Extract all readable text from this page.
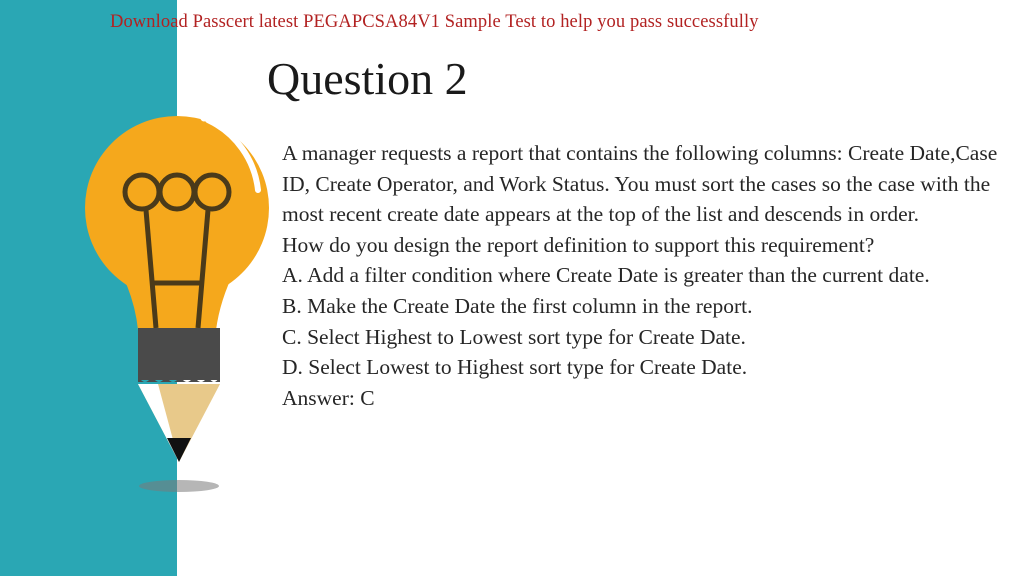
Download Passcert latest PEGAPCSA84V1 Sample Test to help you pass successfully
Question 2

A manager requests a report that contains the following columns: Create Date,Case ID, Create Operator, and Work Status. You must sort the cases so the case with the most recent create date appears at the top of the list and descends in order.

How do you design the report definition to support this requirement?

A. Add a filter condition where Create Date is greater than the current date.

B. Make the Create Date the first column in the report.

C. Select Highest to Lowest sort type for Create Date.

D. Select Lowest to Highest sort type for Create Date.

Answer: C
